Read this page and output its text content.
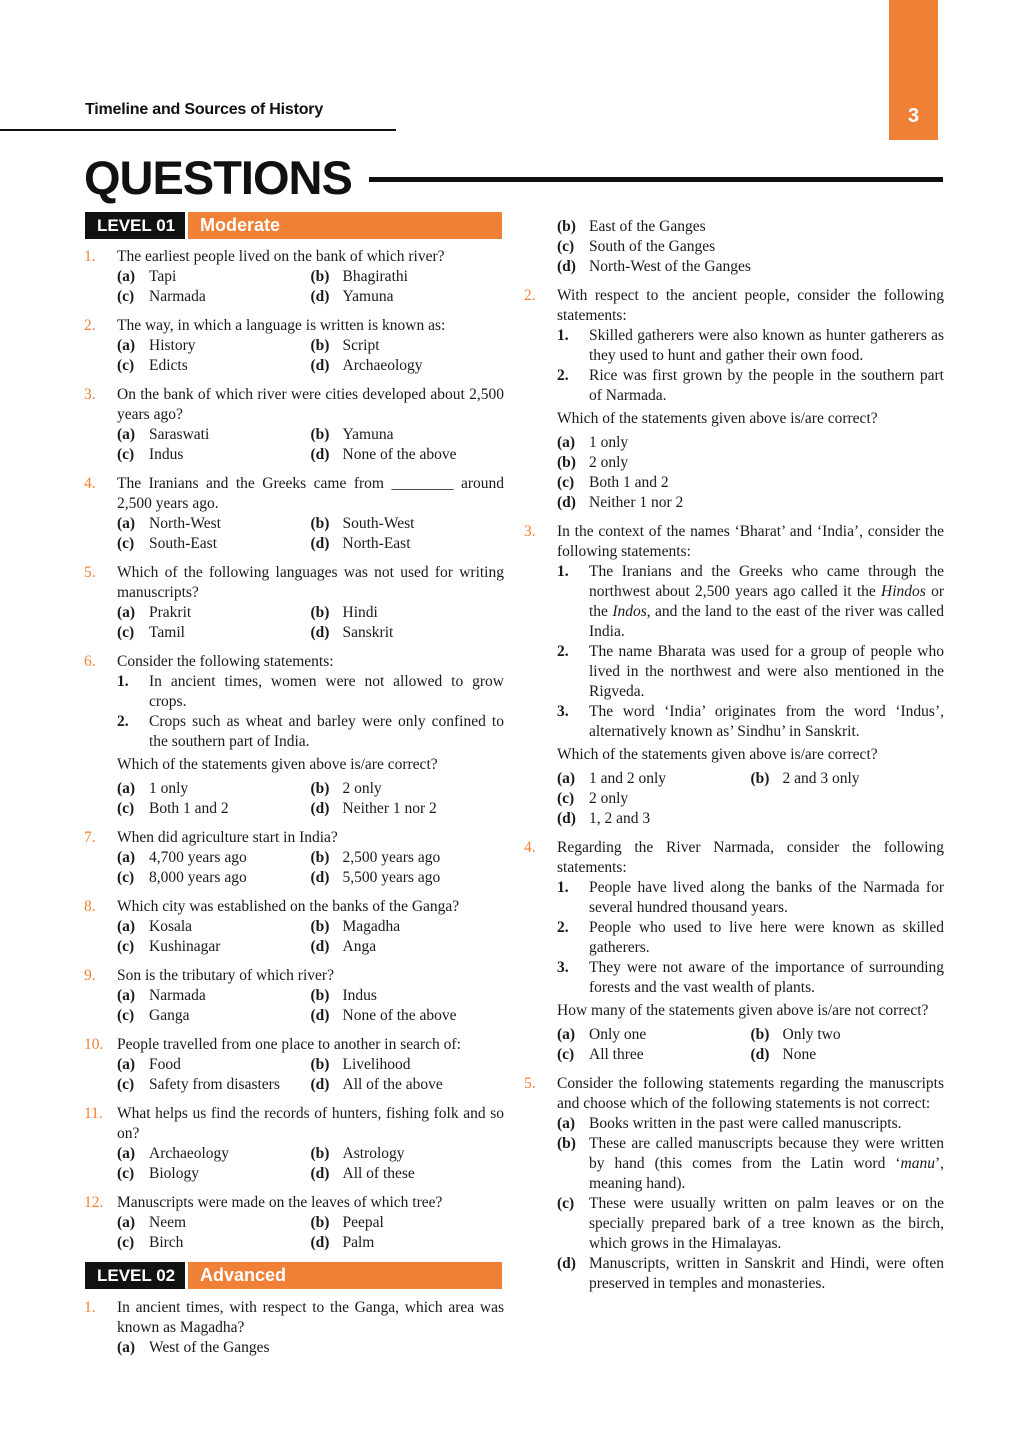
Timeline and Sources of History	3
QUESTIONS
LEVEL 01	Moderate
1.	The earliest people lived on the bank of which river?
(a) Tapi	(b) Bhagirathi
(c) Narmada	(d) Yamuna
2.	The way, in which a language is written is known as:
(a) History	(b) Script
(c) Edicts	(d) Archaeology
3.	On the bank of which river were cities developed about 2,500 years ago?
(a) Saraswati	(b) Yamuna
(c) Indus	(d) None of the above
4.	The Iranians and the Greeks came from ________ around 2,500 years ago.
(a) North-West	(b) South-West
(c) South-East	(d) North-East
5.	Which of the following languages was not used for writing manuscripts?
(a) Prakrit	(b) Hindi
(c) Tamil	(d) Sanskrit
6.	Consider the following statements:
1.	In ancient times, women were not allowed to grow crops.
2.	Crops such as wheat and barley were only confined to the southern part of India.
Which of the statements given above is/are correct?
(a) 1 only	(b) 2 only
(c) Both 1 and 2	(d) Neither 1 nor 2
7.	When did agriculture start in India?
(a) 4,700 years ago	(b) 2,500 years ago
(c) 8,000 years ago	(d) 5,500 years ago
8.	Which city was established on the banks of the Ganga?
(a) Kosala	(b) Magadha
(c) Kushinagar	(d) Anga
9.	Son is the tributary of which river?
(a) Narmada	(b) Indus
(c) Ganga	(d) None of the above
10. People travelled from one place to another in search of:
(a) Food	(b) Livelihood
(c) Safety from disasters (d) All of the above
11. What helps us find the records of hunters, fishing folk and so on?
(a) Archaeology	(b) Astrology
(c) Biology	(d) All of these
12. Manuscripts were made on the leaves of which tree?
(a) Neem	(b) Peepal
(c) Birch	(d) Palm
LEVEL 02	Advanced
1.	In ancient times, with respect to the Ganga, which area was known as Magadha?
(a) West of the Ganges
(b) East of the Ganges
(c) South of the Ganges
(d) North-West of the Ganges
2.	With respect to the ancient people, consider the following statements:
1.	Skilled gatherers were also known as hunter gatherers as they used to hunt and gather their own food.
2.	Rice was first grown by the people in the southern part of Narmada.
Which of the statements given above is/are correct?
(a) 1 only
(b) 2 only
(c) Both 1 and 2
(d) Neither 1 nor 2
3.	In the context of the names ‘Bharat’ and ‘India’, consider the following statements:
1.	The Iranians and the Greeks who came through the northwest about 2,500 years ago called it the Hindos or the Indos, and the land to the east of the river was called India.
2.	The name Bharata was used for a group of people who lived in the northwest and were also mentioned in the Rigveda.
3.	The word ‘India’ originates from the word ‘Indus’, alternatively known as’ Sindhu’ in Sanskrit.
Which of the statements given above is/are correct?
(a) 1 and 2 only	(b) 2 and 3 only
(c) 2 only
(d) 1, 2 and 3
4.	Regarding the River Narmada, consider the following statements:
1.	People have lived along the banks of the Narmada for several hundred thousand years.
2.	People who used to live here were known as skilled gatherers.
3.	They were not aware of the importance of surrounding forests and the vast wealth of plants.
How many of the statements given above is/are not correct?
(a) Only one	(b) Only two
(c) All three	(d) None
5.	Consider the following statements regarding the manuscripts and choose which of the following statements is not correct:
(a) Books written in the past were called manuscripts.
(b) These are called manuscripts because they were written by hand (this comes from the Latin word ‘manu’, meaning hand).
(c) These were usually written on palm leaves or on the specially prepared bark of a tree known as the birch, which grows in the Himalayas.
(d) Manuscripts, written in Sanskrit and Hindi, were often preserved in temples and monasteries.
